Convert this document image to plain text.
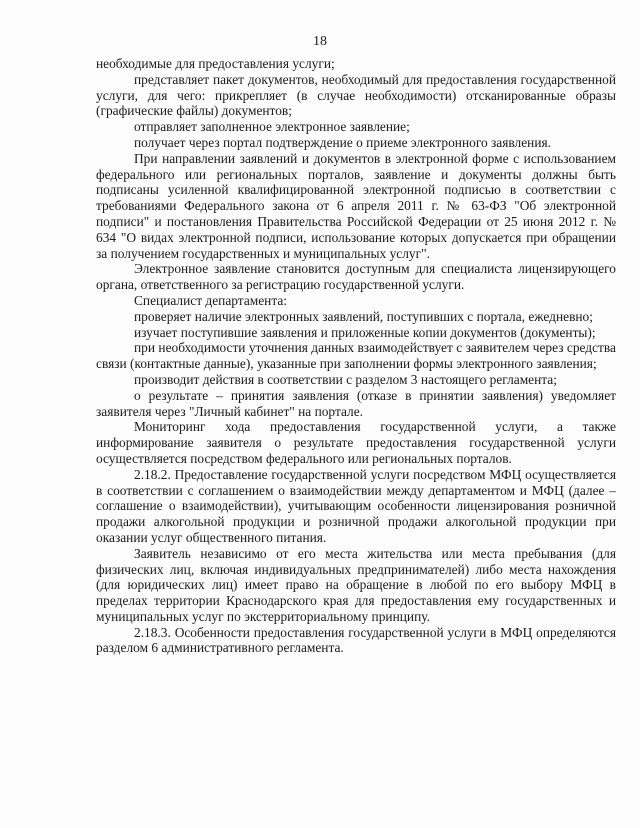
18

необходимые для предоставления услуги;

представляет пакет документов, необходимый для предоставления государственной услуги, для чего: прикрепляет (в случае необходимости) отсканированные образы (графические файлы) документов;

отправляет заполненное электронное заявление;

получает через портал подтверждение о приеме электронного заявления.

При направлении заявлений и документов в электронной форме с использованием федерального или региональных порталов, заявление и документы должны быть подписаны усиленной квалифицированной электронной подписью в соответствии с требованиями Федерального закона от 6 апреля 2011 г. № 63-ФЗ "Об электронной подписи" и постановления Правительства Российской Федерации от 25 июня 2012 г. № 634 "О видах электронной подписи, использование которых допускается при обращении за получением государственных и муниципальных услуг".

Электронное заявление становится доступным для специалиста лицензирующего органа, ответственного за регистрацию государственной услуги.

Специалист департамента:

проверяет наличие электронных заявлений, поступивших с портала, ежедневно;

изучает поступившие заявления и приложенные копии документов (документы);

при необходимости уточнения данных взаимодействует с заявителем через средства связи (контактные данные), указанные при заполнении формы электронного заявления;

производит действия в соответствии с разделом 3 настоящего регламента;

о результате – принятия заявления (отказе в принятии заявления) уведомляет заявителя через "Личный кабинет" на портале.

Мониторинг хода предоставления государственной услуги, а также информирование заявителя о результате предоставления государственной услуги осуществляется посредством федерального или региональных порталов.

2.18.2. Предоставление государственной услуги посредством МФЦ осуществляется в соответствии с соглашением о взаимодействии между департаментом и МФЦ (далее – соглашение о взаимодействии), учитывающим особенности лицензирования розничной продажи алкогольной продукции и розничной продажи алкогольной продукции при оказании услуг общественного питания.

Заявитель независимо от его места жительства или места пребывания (для физических лиц, включая индивидуальных предпринимателей) либо места нахождения (для юридических лиц) имеет право на обращение в любой по его выбору МФЦ в пределах территории Краснодарского края для предоставления ему государственных и муниципальных услуг по экстерриториальному принципу.

2.18.3. Особенности предоставления государственной услуги в МФЦ определяются разделом 6 административного регламента.
